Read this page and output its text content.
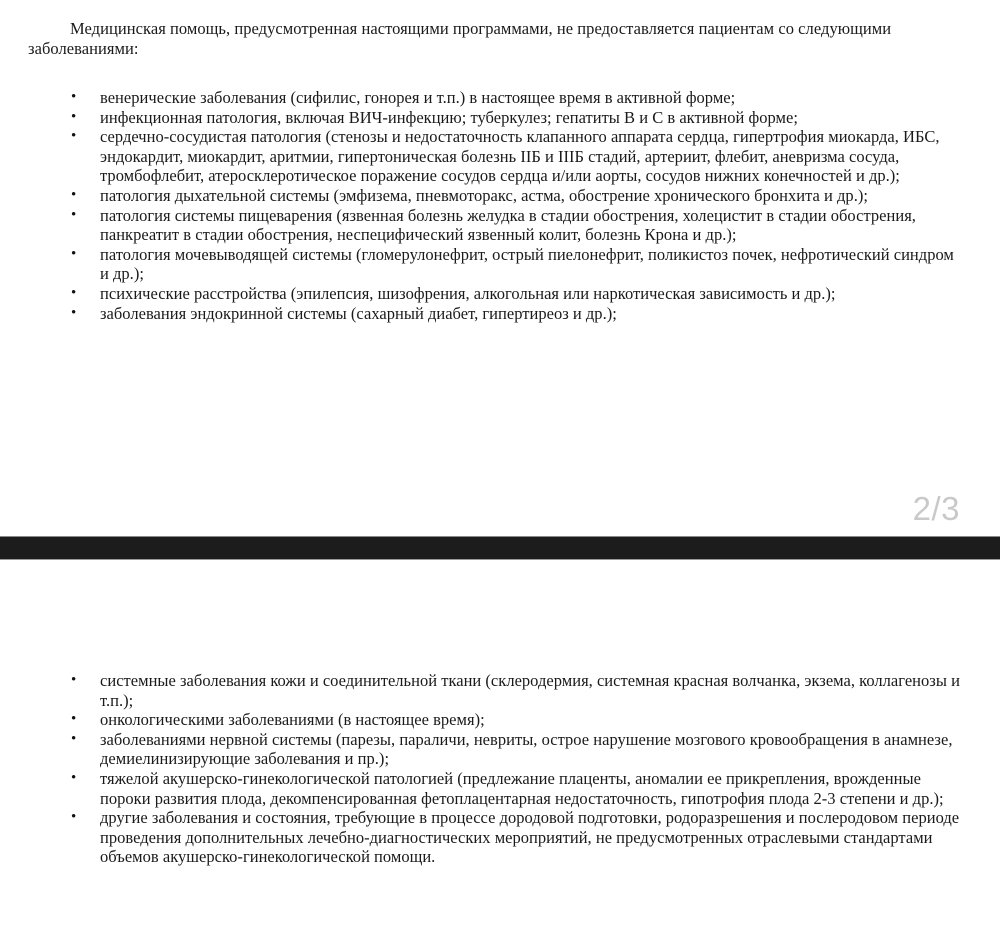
Медицинская помощь, предусмотренная настоящими программами, не предоставляется пациентам со следующими заболеваниями:

• венерические заболевания (сифилис, гонорея и т.п.) в настоящее время в активной форме;
• инфекционная патология, включая ВИЧ-инфекцию; туберкулез; гепатиты B и C в активной форме;
• сердечно-сосудистая патология (стенозы и недостаточность клапанного аппарата сердца, гипертрофия миокарда, ИБС, эндокардит, миокардит, аритмии, гипертоническая болезнь IIБ и IIIБ стадий, артериит, флебит, аневризма сосуда, тромбофлебит, атеросклеротическое поражение сосудов сердца и/или аорты, сосудов нижних конечностей и др.);
• патология дыхательной системы (эмфизема, пневмоторакс, астма, обострение хронического бронхита и др.);
• патология системы пищеварения (язвенная болезнь желудка в стадии обострения, холецистит в стадии обострения, панкреатит в стадии обострения, неспецифический язвенный колит, болезнь Крона и др.);
• патология мочевыводящей системы (гломерулонефрит, острый пиелонефрит, поликистоз почек, нефротический синдром и др.);
• психические расстройства (эпилепсия, шизофрения, алкогольная или наркотическая зависимость и др.);
• заболевания эндокринной системы (сахарный диабет, гипертиреоз и др.);
2/3
• системные заболевания кожи и соединительной ткани (склеродермия, системная красная волчанка, экзема, коллагенозы и т.п.);
• онкологическими заболеваниями (в настоящее время);
• заболеваниями нервной системы (парезы, параличи, невриты, острое нарушение мозгового кровообращения в анамнезе, демиелинизирующие заболевания и пр.);
• тяжелой акушерско-гинекологической патологией (предлежание плаценты, аномалии ее прикрепления, врожденные пороки развития плода, декомпенсированная фетоплацентарная недостаточность, гипотрофия плода 2-3 степени и др.);
• другие заболевания и состояния, требующие в процессе дородовой подготовки, родоразрешения и послеродовом периоде проведения дополнительных лечебно-диагностических мероприятий, не предусмотренных отраслевыми стандартами объемов акушерско-гинекологической помощи.
